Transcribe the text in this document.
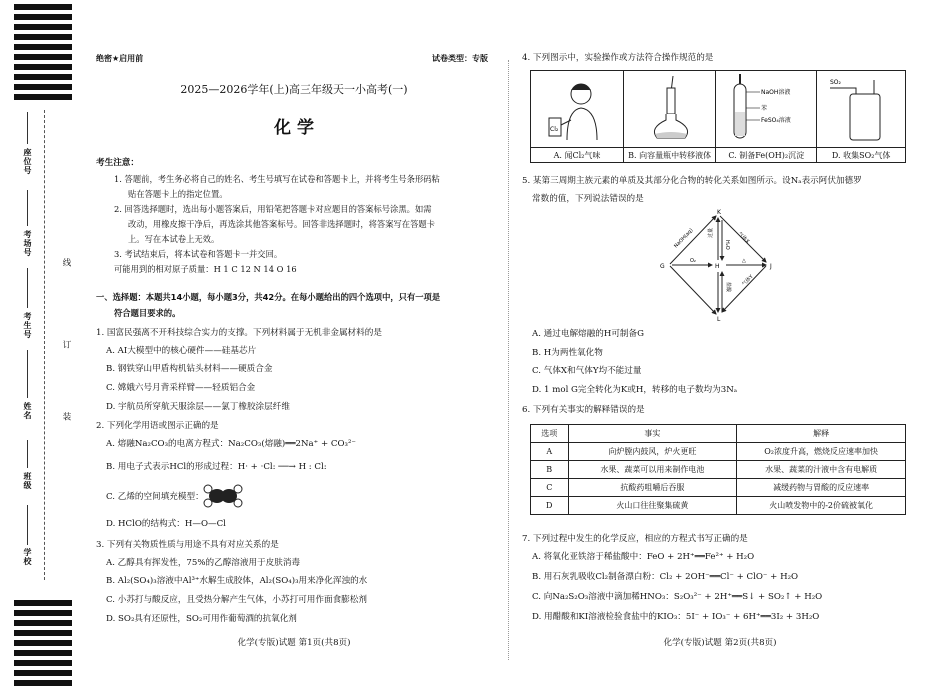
座位号
考场号
考生号
姓名
班级
学校
线
订
装
绝密★启用前	试卷类型：专版
2025—2026学年(上)高三年级天一小高考(一)
化 学
考生注意：
1. 答题前，考生务必将自己的姓名、考生号填写在试卷和答题卡上，并将考生号条形码粘
贴在答题卡上的指定位置。
2. 回答选择题时，选出每小题答案后，用铅笔把答题卡对应题目的答案标号涂黑。如需
改动，用橡皮擦干净后，再选涂其他答案标号。回答非选择题时，将答案写在答题卡
上。写在本试卷上无效。
3. 考试结束后，将本试卷和答题卡一并交回。
可能用到的相对原子质量：H 1 C 12 N 14 O 16
一、选择题：本题共14小题，每小题3分，共42分。在每小题给出的四个选项中，只有一项是
符合题目要求的。
1. 国富民强离不开科技综合实力的支撑。下列材料属于无机非金属材料的是
A. AI大模型中的核心硬件——硅基芯片
B. 钢铁穿山甲盾构机钻头材料——硬质合金
C. 嫦娥六号月背采样臂——轻质铝合金
D. 宇航员所穿航天服涂层——氯丁橡胶涂层纤维
2. 下列化学用语或图示正确的是
A. 熔融Na₂CO₃的电离方程式：Na₂CO₃(熔融)══2Na⁺ + CO₃²⁻
B. 用电子式表示HCl的形成过程：H· + ·Cl: ──→ H : Cl:
C. 乙烯的空间填充模型：
D. HClO的结构式：H—O—Cl
3. 下列有关物质性质与用途不具有对应关系的是
A. 乙醇具有挥发性，75%的乙醇溶液用于皮肤消毒
B. Al₂(SO₄)₃溶液中Al³⁺水解生成胶体，Al₂(SO₄)₃用来净化浑浊的水
C. 小苏打与酸反应，且受热分解产生气体，小苏打可用作面食膨松剂
D. SO₂具有还原性，SO₂可用作葡萄酒的抗氧化剂
化学(专版)试题 第1页(共8页)
4. 下列图示中，实验操作或方法符合操作规范的是
Cl₂		NaOH溶液
苯
FeSO₄溶液	SO₂

A. 闻Cl₂气味	B. 向容量瓶中转移液体	C. 制备Fe(OH)₂沉淀	D. 收集SO₂气体
5. 某第三周期主族元素的单质及其部分化合物的转化关系如图所示。设Nₐ表示阿伏加德罗
常数的值，下列说法错误的是
K
G	H	J
L
NaOH(aq)	气体X
O₂
过量
△
盐酸 气体Y
H₂O
A. 通过电解熔融的H可制备G
B. H为两性氧化物
C. 气体X和气体Y均不能过量
D. 1 mol G完全转化为K或H，转移的电子数均为3Nₐ
6. 下列有关事实的解释错误的是
选项	事实	解释
A	向炉膛内鼓风，炉火更旺	O₂浓度升高，燃烧反应速率加快
B	水果、蔬菜可以用来制作电池	水果、蔬菜的汁液中含有电解质
C	抗酸药咀嚼后吞服	减缓药物与胃酸的反应速率
D	火山口往往聚集硫黄	火山喷发物中的-2价硫被氧化
7. 下列过程中发生的化学反应，相应的方程式书写正确的是
A. 将氧化亚铁溶于稀盐酸中：FeO + 2H⁺══Fe²⁺ + H₂O
B. 用石灰乳吸收Cl₂制备漂白粉：Cl₂ + 2OH⁻══Cl⁻ + ClO⁻ + H₂O
C. 向Na₂S₂O₃溶液中滴加稀HNO₃：S₂O₃²⁻ + 2H⁺══S↓ + SO₂↑ + H₂O
D. 用醋酸和KI溶液检验食盐中的KIO₃：5I⁻ + IO₃⁻ + 6H⁺══3I₂ + 3H₂O
化学(专版)试题 第2页(共8页)
